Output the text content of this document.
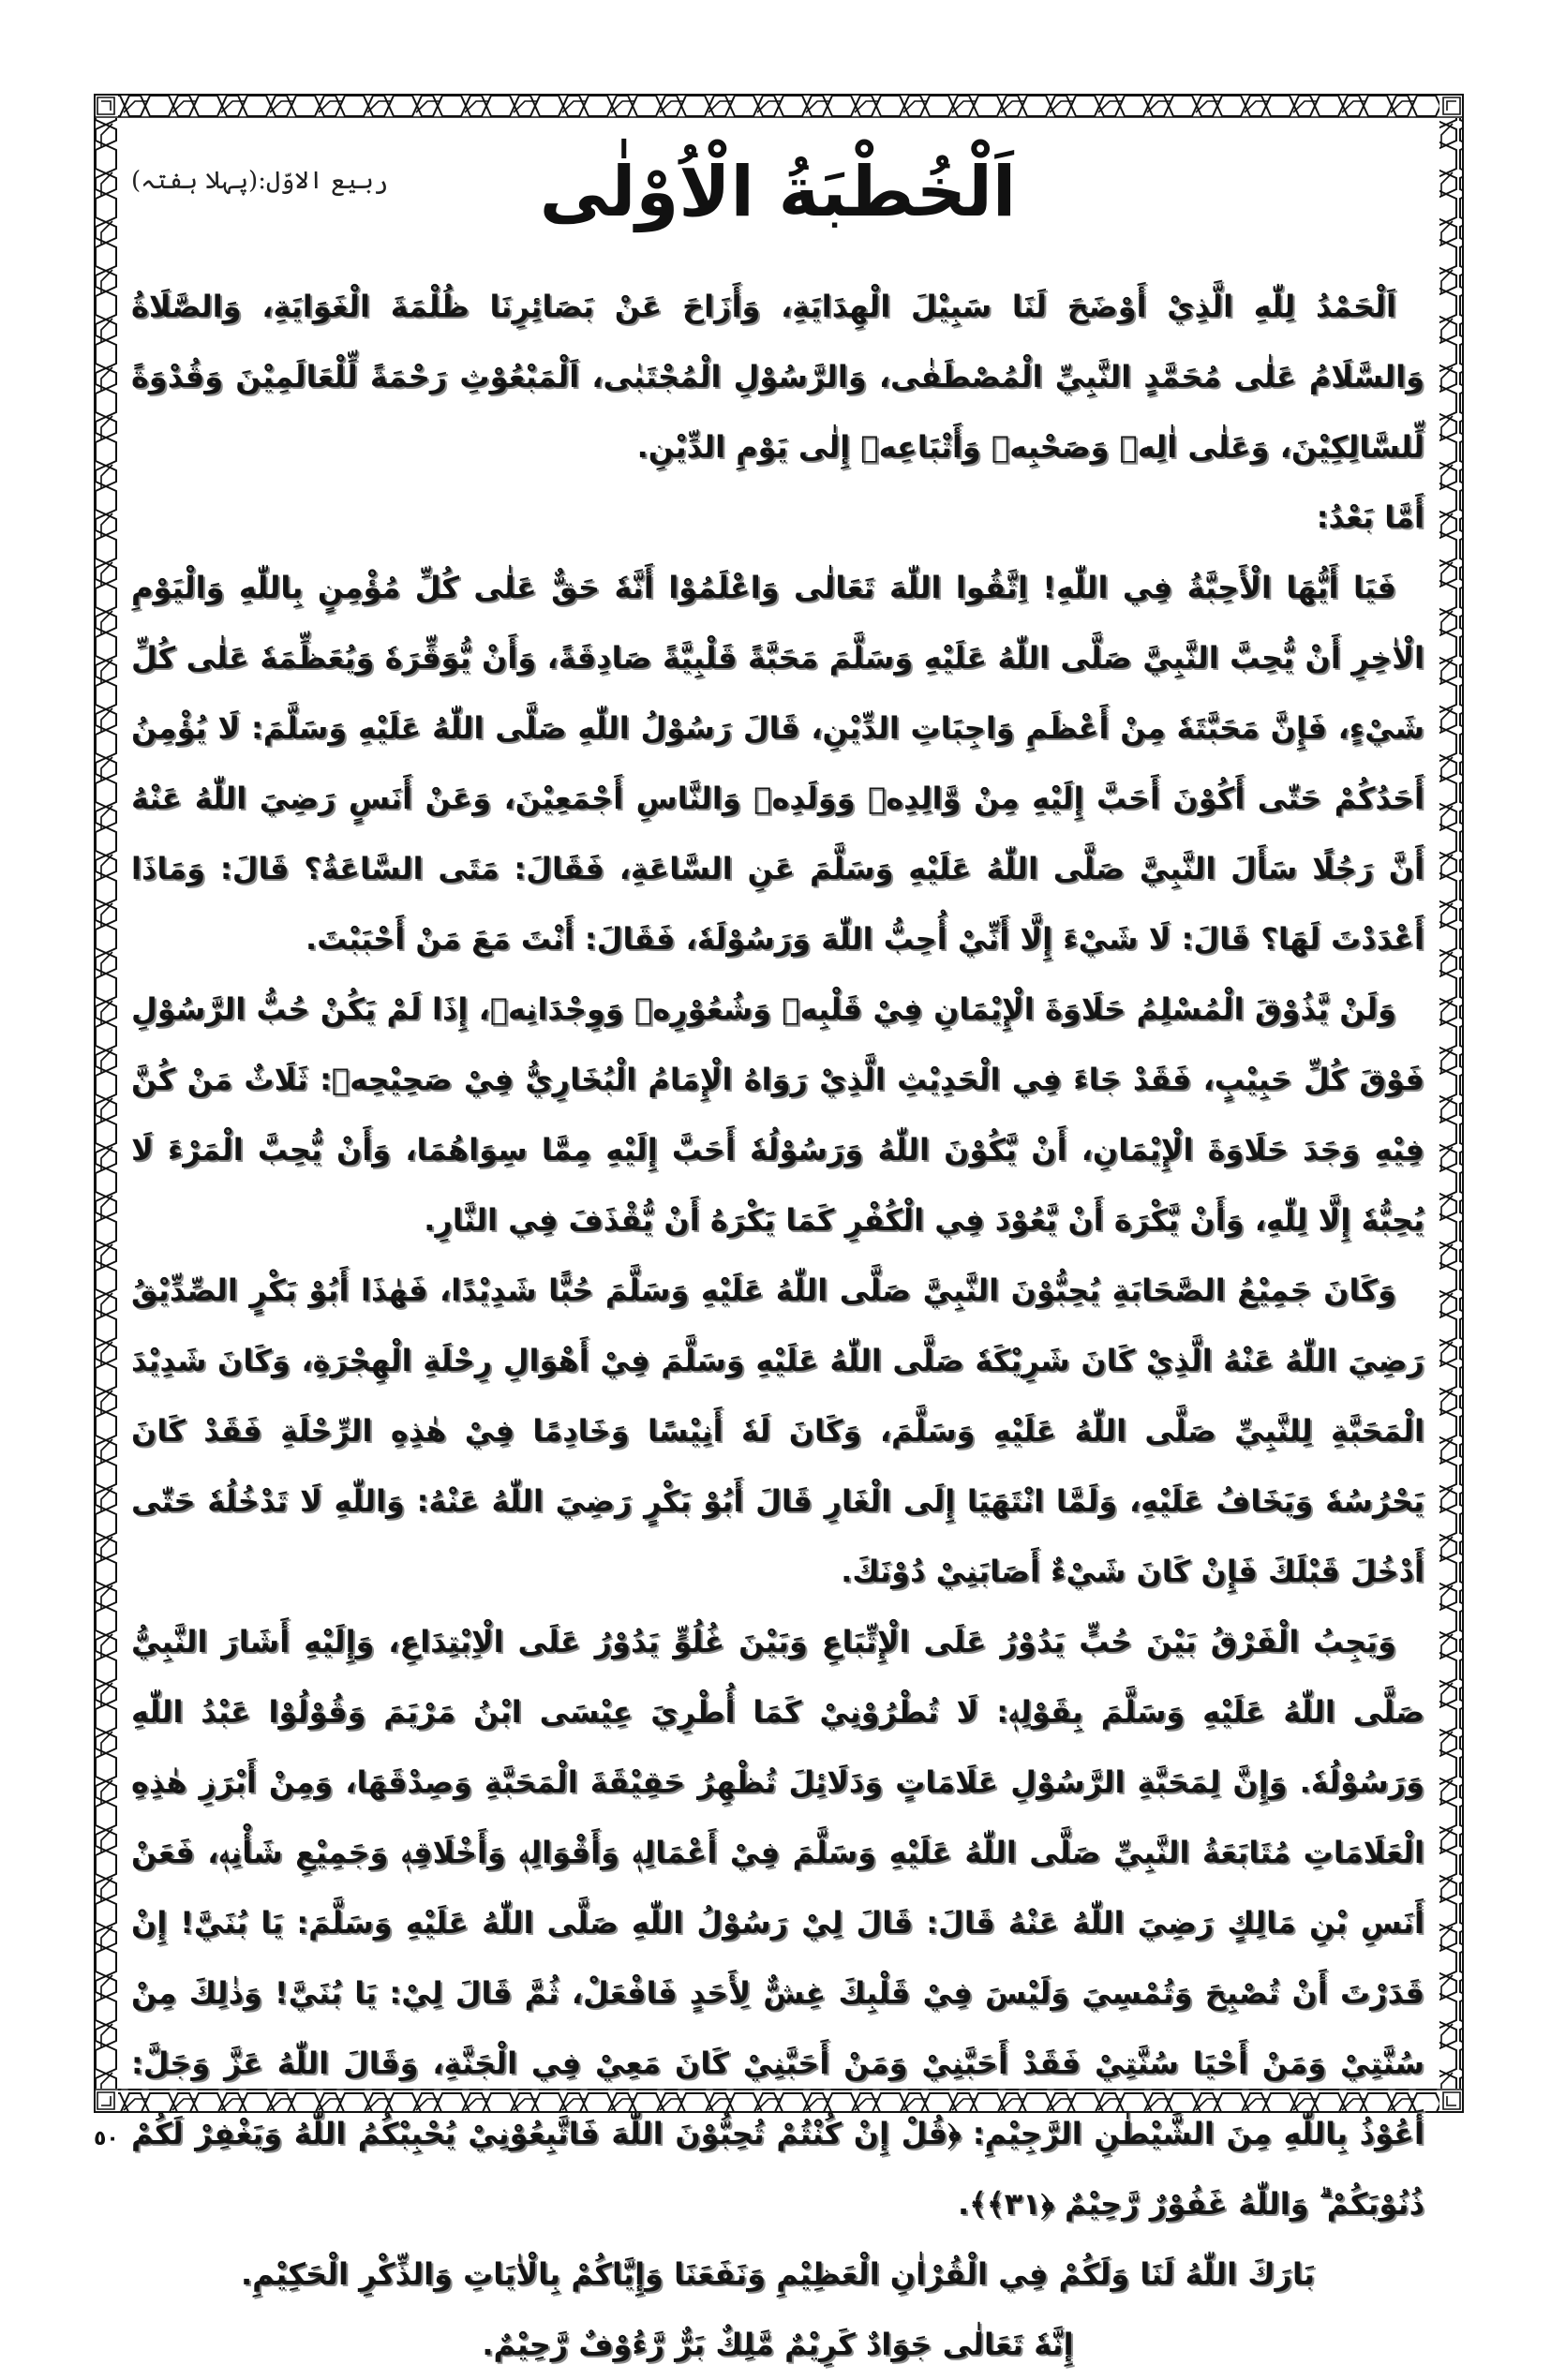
اَلْخُطْبَةُ الْاُوْلٰى
ربیع الاوّل:(پہلا ہفتہ)

اَلْحَمْدُ لِلّٰهِ الَّذِيْ أَوْضَحَ لَنَا سَبِيْلَ الْهِدَايَةِ، وَأَزَاحَ عَنْ بَصَائِرِنَا ظُلْمَةَ الْغَوَايَةِ، وَالصَّلَاةُ وَالسَّلَامُ عَلٰى مُحَمَّدٍ النَّبِيِّ الْمُصْطَفٰى، وَالرَّسُوْلِ الْمُجْتَبٰى، اَلْمَبْعُوْثِ رَحْمَةً لِّلْعَالَمِيْنَ وَقُدْوَةً لِّلسَّالِكِيْنَ، وَعَلٰى اٰلِهٖ وَصَحْبِهٖ وَأَتْبَاعِهٖ إِلٰى يَوْمِ الدِّيْنِ.

أَمَّا بَعْدُ:

فَيَا أَيُّهَا الْأَحِبَّةُ فِي اللّٰهِ! اِتَّقُوا اللّٰهَ تَعَالٰى وَاعْلَمُوْا أَنَّهٗ حَقٌّ عَلٰى كُلِّ مُؤْمِنٍ بِاللّٰهِ وَالْيَوْمِ الْاٰخِرِ أَنْ يُّحِبَّ النَّبِيَّ صَلَّى اللّٰهُ عَلَيْهِ وَسَلَّمَ مَحَبَّةً قَلْبِيَّةً صَادِقَةً، وَأَنْ يُّوَقِّرَهٗ وَيُعَظِّمَهٗ عَلٰى كُلِّ شَيْءٍ، فَإِنَّ مَحَبَّتَهٗ مِنْ أَعْظَمِ وَاجِبَاتِ الدِّيْنِ، قَالَ رَسُوْلُ اللّٰهِ صَلَّى اللّٰهُ عَلَيْهِ وَسَلَّمَ: لَا يُؤْمِنُ أَحَدُكُمْ حَتّٰى أَكُوْنَ أَحَبَّ إِلَيْهِ مِنْ وَّالِدِهٖ وَوَلَدِهٖ وَالنَّاسِ أَجْمَعِيْنَ، وَعَنْ أَنَسٍ رَضِيَ اللّٰهُ عَنْهُ أَنَّ رَجُلًا سَأَلَ النَّبِيَّ صَلَّى اللّٰهُ عَلَيْهِ وَسَلَّمَ عَنِ السَّاعَةِ، فَقَالَ: مَتَى السَّاعَةُ؟ قَالَ: وَمَاذَا أَعْدَدْتَ لَهَا؟ قَالَ: لَا شَيْءَ إِلَّا أَنِّيْ أُحِبُّ اللّٰهَ وَرَسُوْلَهٗ، فَقَالَ: أَنْتَ مَعَ مَنْ أَحْبَبْتَ.

وَلَنْ يَّذُوْقَ الْمُسْلِمُ حَلَاوَةَ الْإِيْمَانِ فِيْ قَلْبِهٖ وَشُعُوْرِهٖ وَوِجْدَانِهٖ، إِذَا لَمْ يَكُنْ حُبُّ الرَّسُوْلِ فَوْقَ كُلِّ حَبِيْبٍ، فَقَدْ جَاءَ فِي الْحَدِيْثِ الَّذِيْ رَوَاهُ الْإِمَامُ الْبُخَارِيُّ فِيْ صَحِيْحِهٖ: ثَلَاثٌ مَنْ كُنَّ فِيْهِ وَجَدَ حَلَاوَةَ الْإِيْمَانِ، أَنْ يَّكُوْنَ اللّٰهُ وَرَسُوْلُهٗ أَحَبَّ إِلَيْهِ مِمَّا سِوَاهُمَا، وَأَنْ يُّحِبَّ الْمَرْءَ لَا يُحِبُّهٗ إِلَّا لِلّٰهِ، وَأَنْ يَّكْرَهَ أَنْ يَّعُوْدَ فِي الْكُفْرِ كَمَا يَكْرَهُ أَنْ يُّقْذَفَ فِي النَّارِ.

وَكَانَ جَمِيْعُ الصَّحَابَةِ يُحِبُّوْنَ النَّبِيَّ صَلَّى اللّٰهُ عَلَيْهِ وَسَلَّمَ حُبًّا شَدِيْدًا، فَهٰذَا أَبُوْ بَكْرٍ الصِّدِّيْقُ رَضِيَ اللّٰهُ عَنْهُ الَّذِيْ كَانَ شَرِيْكَهٗ صَلَّى اللّٰهُ عَلَيْهِ وَسَلَّمَ فِيْ أَهْوَالِ رِحْلَةِ الْهِجْرَةِ، وَكَانَ شَدِيْدَ الْمَحَبَّةِ لِلنَّبِيِّ صَلَّى اللّٰهُ عَلَيْهِ وَسَلَّمَ، وَكَانَ لَهٗ أَنِيْسًا وَخَادِمًا فِيْ هٰذِهِ الرِّحْلَةِ فَقَدْ كَانَ يَحْرُسُهٗ وَيَخَافُ عَلَيْهِ، وَلَمَّا انْتَهَيَا إِلَى الْغَارِ قَالَ أَبُوْ بَكْرٍ رَضِيَ اللّٰهُ عَنْهُ: وَاللّٰهِ لَا تَدْخُلُهٗ حَتّٰى أَدْخُلَ قَبْلَكَ فَإِنْ كَانَ شَيْءٌ أَصَابَنِيْ دُوْنَكَ.

وَيَجِبُ الْفَرْقُ بَيْنَ حُبٍّ يَدُوْرُ عَلَى الْإِتِّبَاعِ وَبَيْنَ غُلُوٍّ يَدُوْرُ عَلَى الْاِبْتِدَاعِ، وَإِلَيْهِ أَشَارَ النَّبِيُّ صَلَّى اللّٰهُ عَلَيْهِ وَسَلَّمَ بِقَوْلِهٖ: لَا تُطْرُوْنِيْ كَمَا أُطْرِيَ عِيْسَى ابْنُ مَرْيَمَ وَقُوْلُوْا عَبْدُ اللّٰهِ وَرَسُوْلُهٗ. وَإِنَّ لِمَحَبَّةِ الرَّسُوْلِ عَلَامَاتٍ وَدَلَائِلَ تُظْهِرُ حَقِيْقَةَ الْمَحَبَّةِ وَصِدْقَهَا، وَمِنْ أَبْرَزِ هٰذِهِ الْعَلَامَاتِ مُتَابَعَةُ النَّبِيِّ صَلَّى اللّٰهُ عَلَيْهِ وَسَلَّمَ فِيْ أَعْمَالِهٖ وَأَقْوَالِهٖ وَأَخْلَاقِهٖ وَجَمِيْعِ شَأْنِهٖ، فَعَنْ أَنَسِ بْنِ مَالِكٍ رَضِيَ اللّٰهُ عَنْهُ قَالَ: قَالَ لِيْ رَسُوْلُ اللّٰهِ صَلَّى اللّٰهُ عَلَيْهِ وَسَلَّمَ: يَا بُنَيَّ! إِنْ قَدَرْتَ أَنْ تُصْبِحَ وَتُمْسِيَ وَلَيْسَ فِيْ قَلْبِكَ غِشٌّ لِأَحَدٍ فَافْعَلْ، ثُمَّ قَالَ لِيْ: يَا بُنَيَّ! وَذٰلِكَ مِنْ سُنَّتِيْ وَمَنْ أَحْيَا سُنَّتِيْ فَقَدْ أَحَبَّنِيْ وَمَنْ أَحَبَّنِيْ كَانَ مَعِيْ فِي الْجَنَّةِ، وَقَالَ اللّٰهُ عَزَّ وَجَلَّ: أَعُوْذُ بِاللّٰهِ مِنَ الشَّيْطٰنِ الرَّجِيْمِ: ﴿قُلْ إِنْ كُنْتُمْ تُحِبُّوْنَ اللّٰهَ فَاتَّبِعُوْنِيْ يُحْبِبْكُمُ اللّٰهُ وَيَغْفِرْ لَكُمْ ذُنُوْبَكُمْ ۗ وَاللّٰهُ غَفُوْرٌ رَّحِيْمٌ ﴿٣١﴾﴾.

بَارَكَ اللّٰهُ لَنَا وَلَكُمْ فِي الْقُرْاٰنِ الْعَظِيْمِ وَنَفَعَنَا وَإِيَّاكُمْ بِالْاٰيَاتِ وَالذِّكْرِ الْحَكِيْمِ.

إِنَّهٗ تَعَالٰى جَوَادٌ كَرِيْمٌ مَّلِكٌ بَرٌّ رَّءُوْفٌ رَّحِيْمٌ.

٥٠
